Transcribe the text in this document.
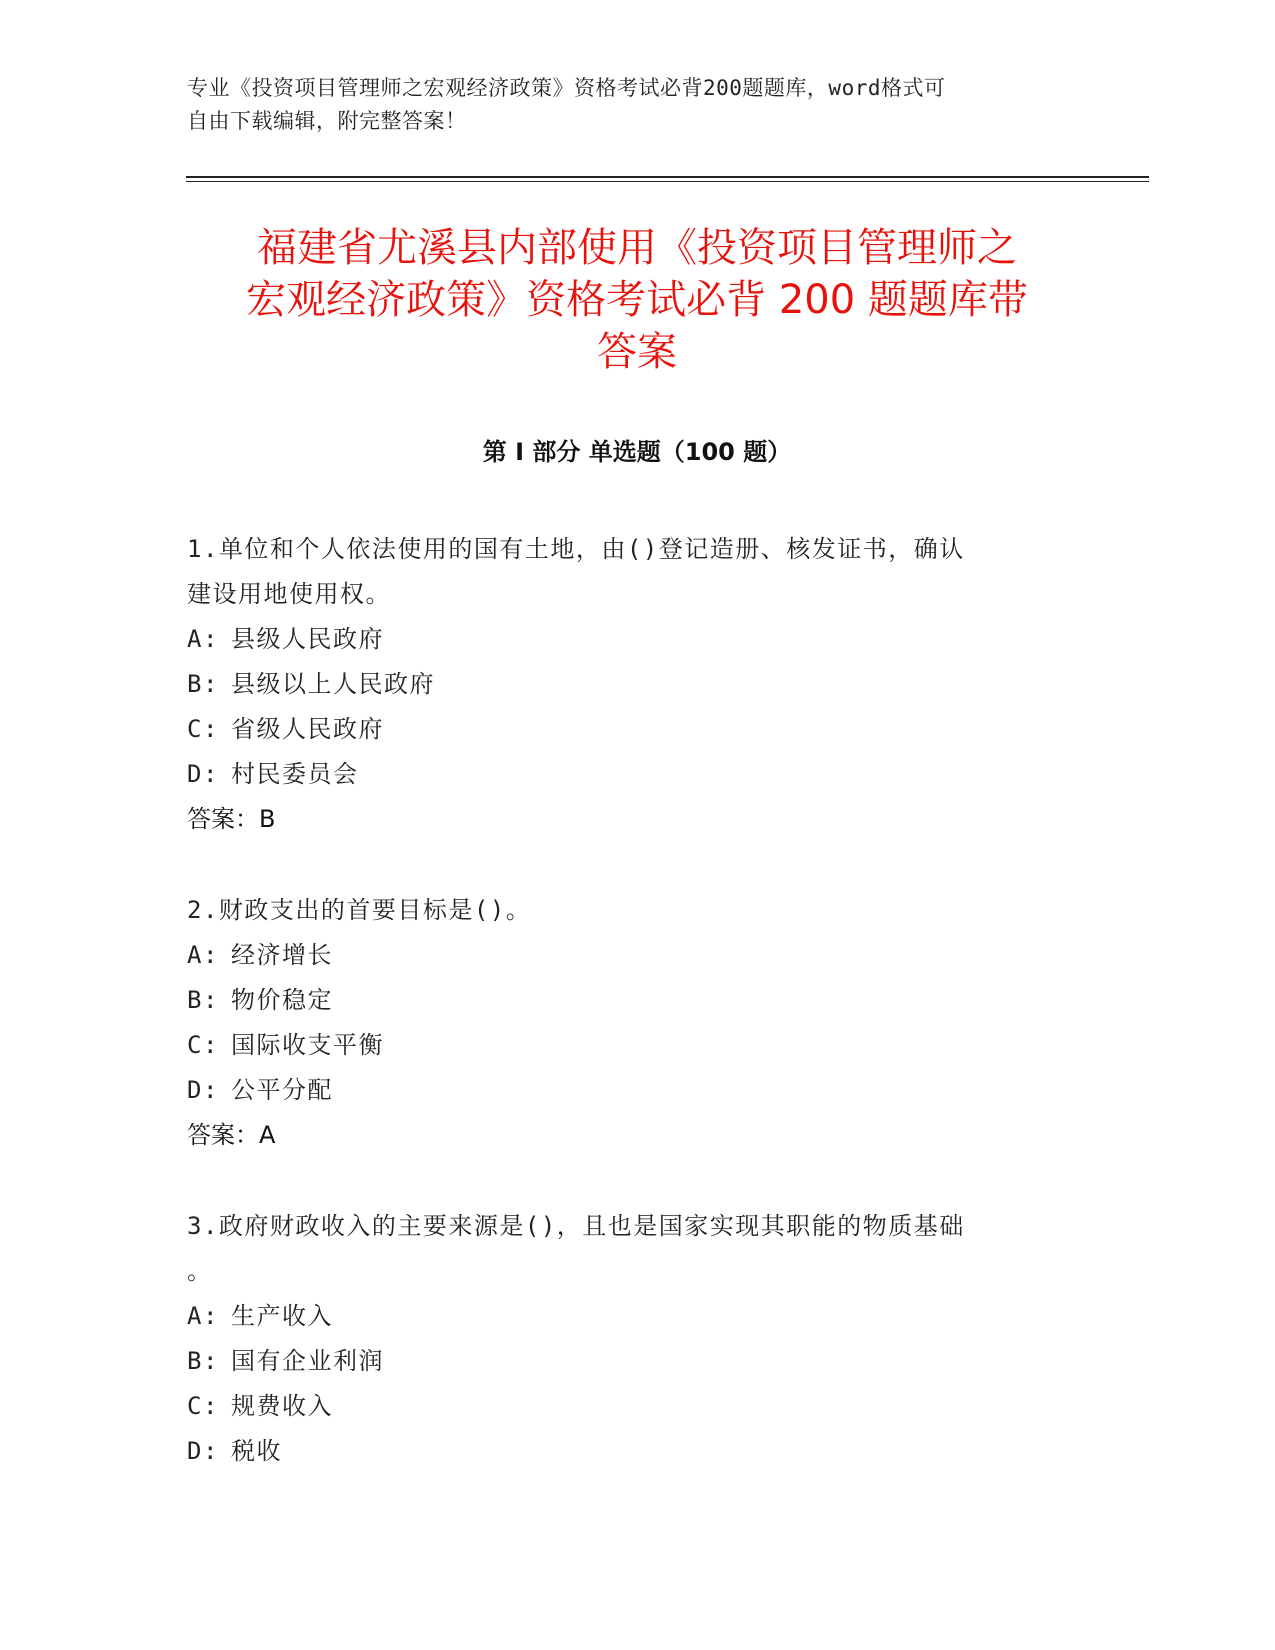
专业《投资项目管理师之宏观经济政策》资格考试必背200题题库，word格式可
自由下载编辑，附完整答案！
福建省尤溪县内部使用《投资项目管理师之
宏观经济政策》资格考试必背 200 题题库带
答案
第 I 部分 单选题（100 题）
1.单位和个人依法使用的国有土地，由()登记造册、核发证书，确认
建设用地使用权。
A: 县级人民政府
B: 县级以上人民政府
C: 省级人民政府
D: 村民委员会
答案：B
2.财政支出的首要目标是()。
A: 经济增长
B: 物价稳定
C: 国际收支平衡
D: 公平分配
答案：A
3.政府财政收入的主要来源是()，且也是国家实现其职能的物质基础
。
A: 生产收入
B: 国有企业利润
C: 规费收入
D: 税收
